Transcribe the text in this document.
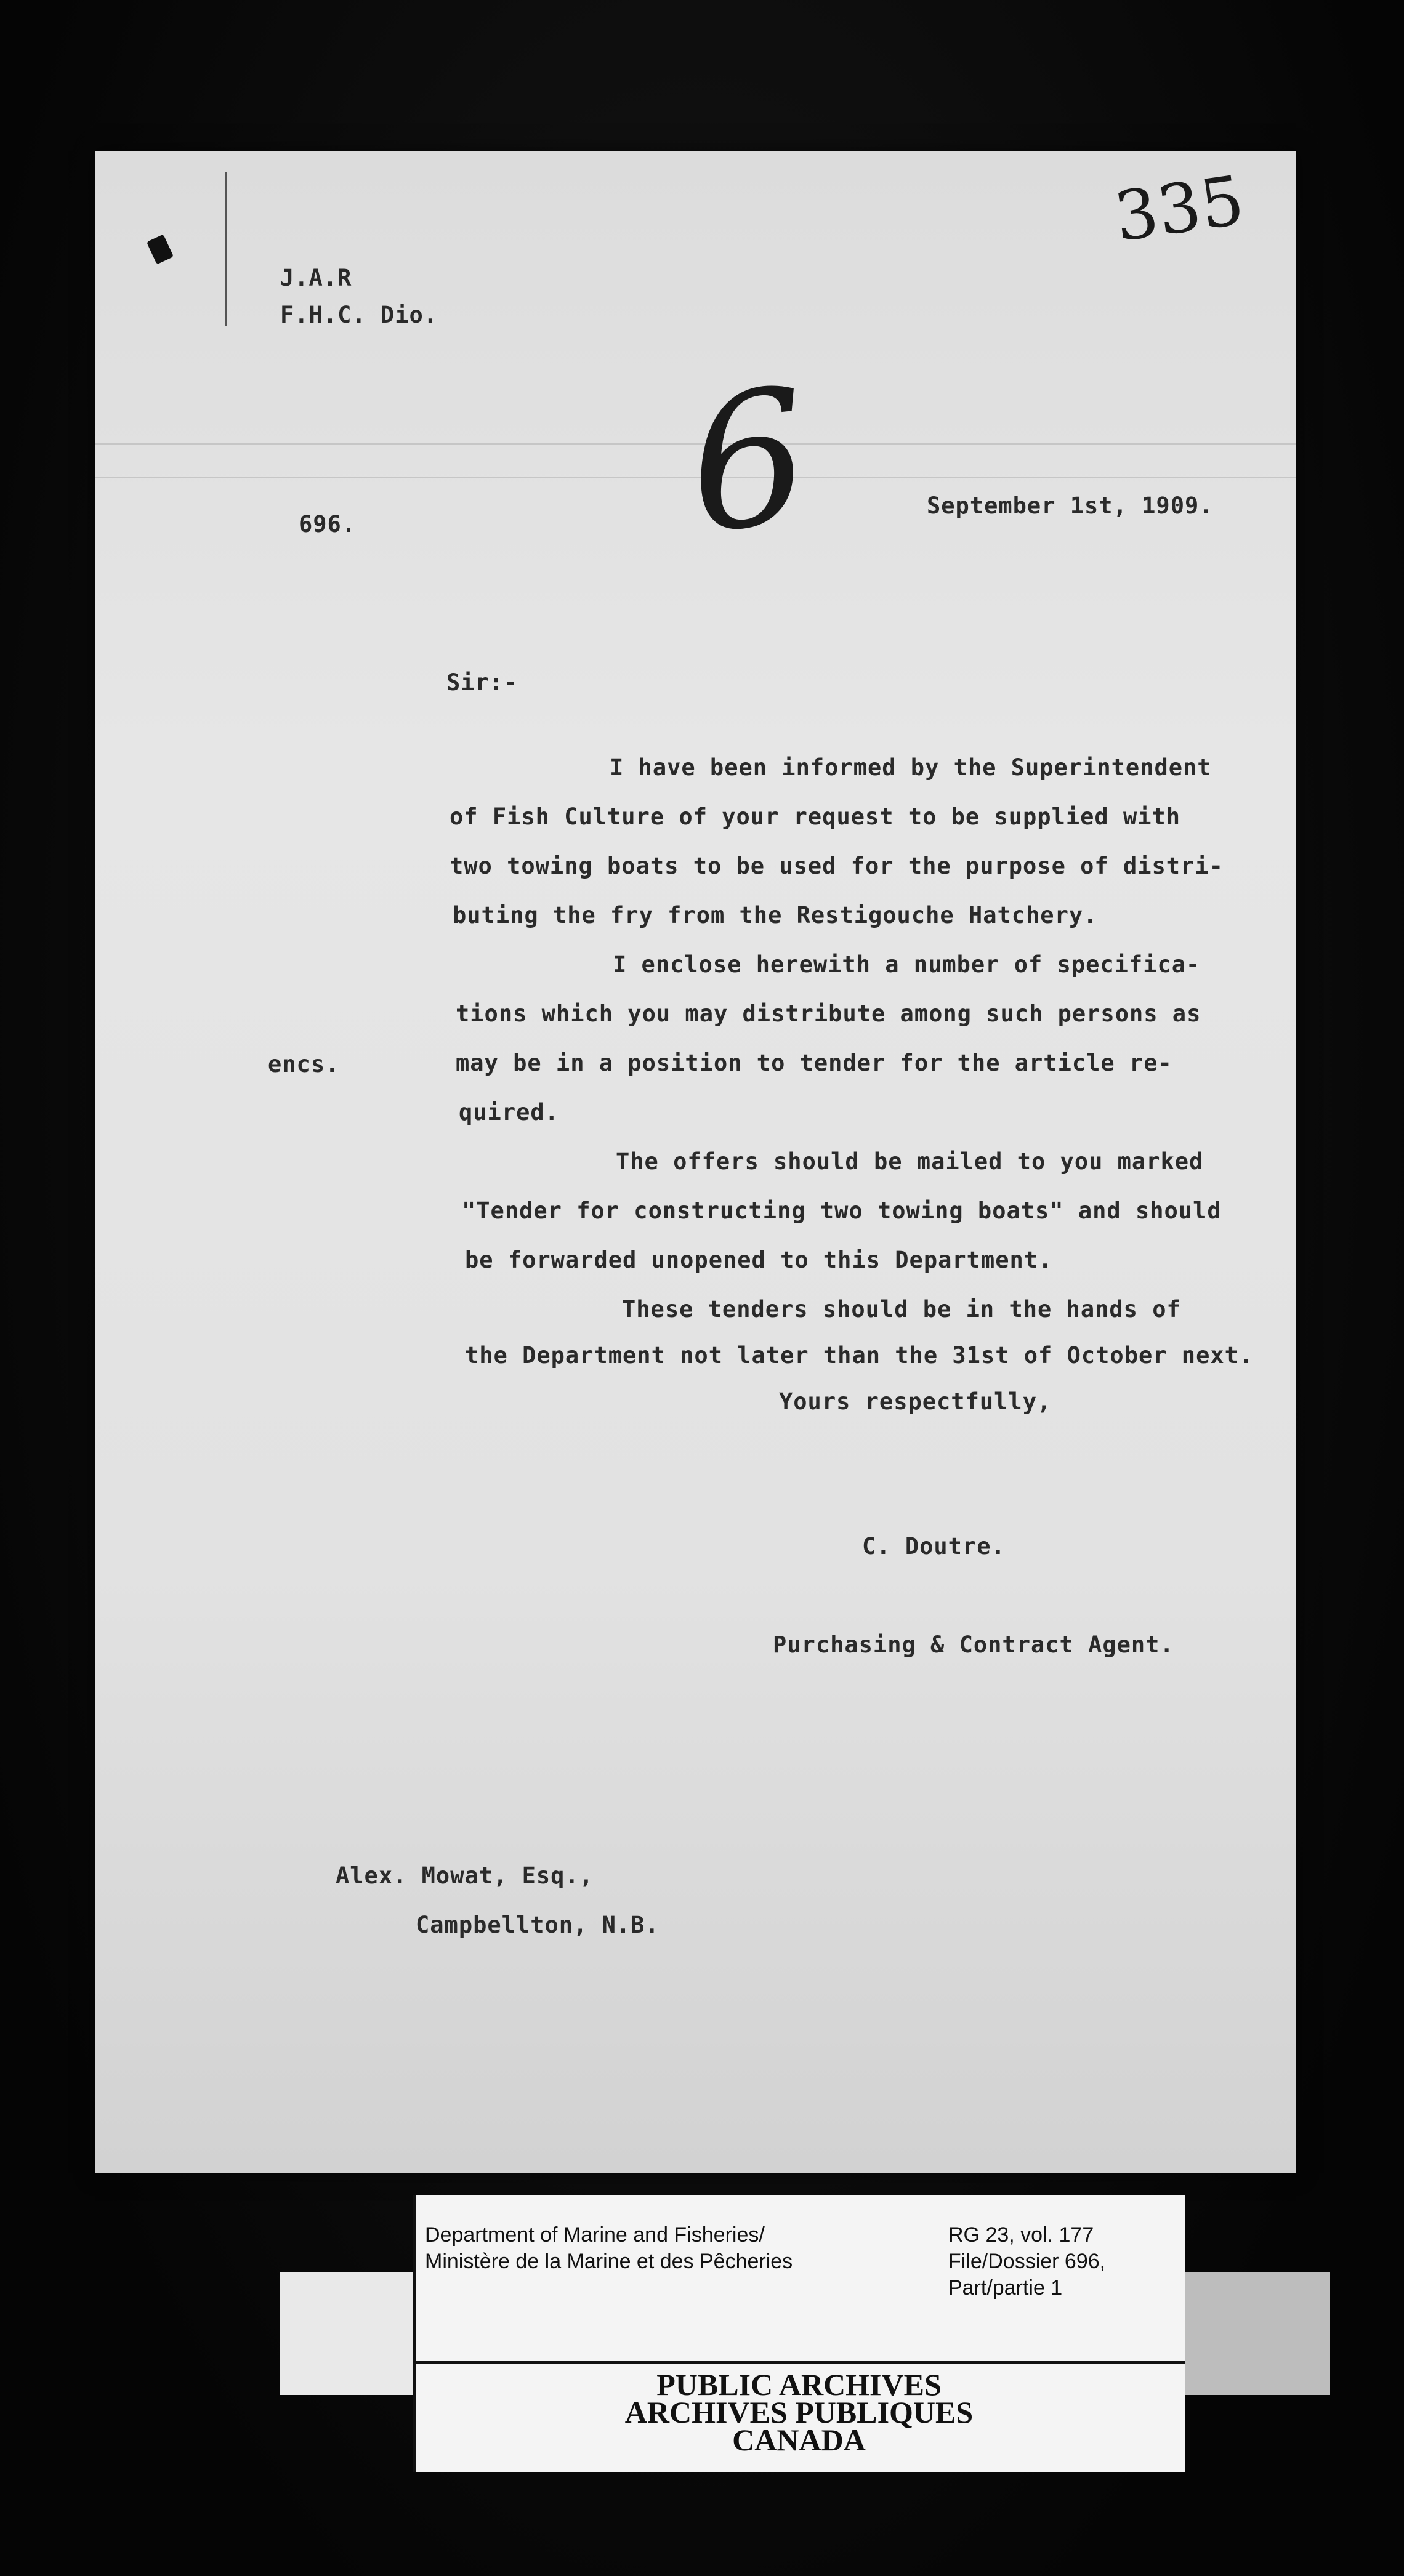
335
J.A.R
F.H.C. Dio.
6
696.
September 1st, 1909.
Sir:-
I have been informed by the Superintendent
of Fish Culture of your request to be supplied with
two towing boats to be used for the purpose of distri-
buting the fry from the Restigouche Hatchery.
I enclose herewith a number of specifica-
tions which you may distribute among such persons as
may be in a position to tender for the article re-
encs.
quired.
The offers should be mailed to you marked
"Tender for constructing two towing boats" and should
be forwarded unopened to this Department.
These tenders should be in the hands of
the Department not later than the 31st of October next.
Yours respectfully,
C. Doutre.
Purchasing & Contract Agent.
Alex. Mowat, Esq.,
Campbellton, N.B.
Department of Marine and Fisheries/
Ministère de la Marine et des Pêcheries
RG 23, vol. 177
File/Dossier 696,
Part/partie 1
PUBLIC ARCHIVES
ARCHIVES PUBLIQUES
CANADA
